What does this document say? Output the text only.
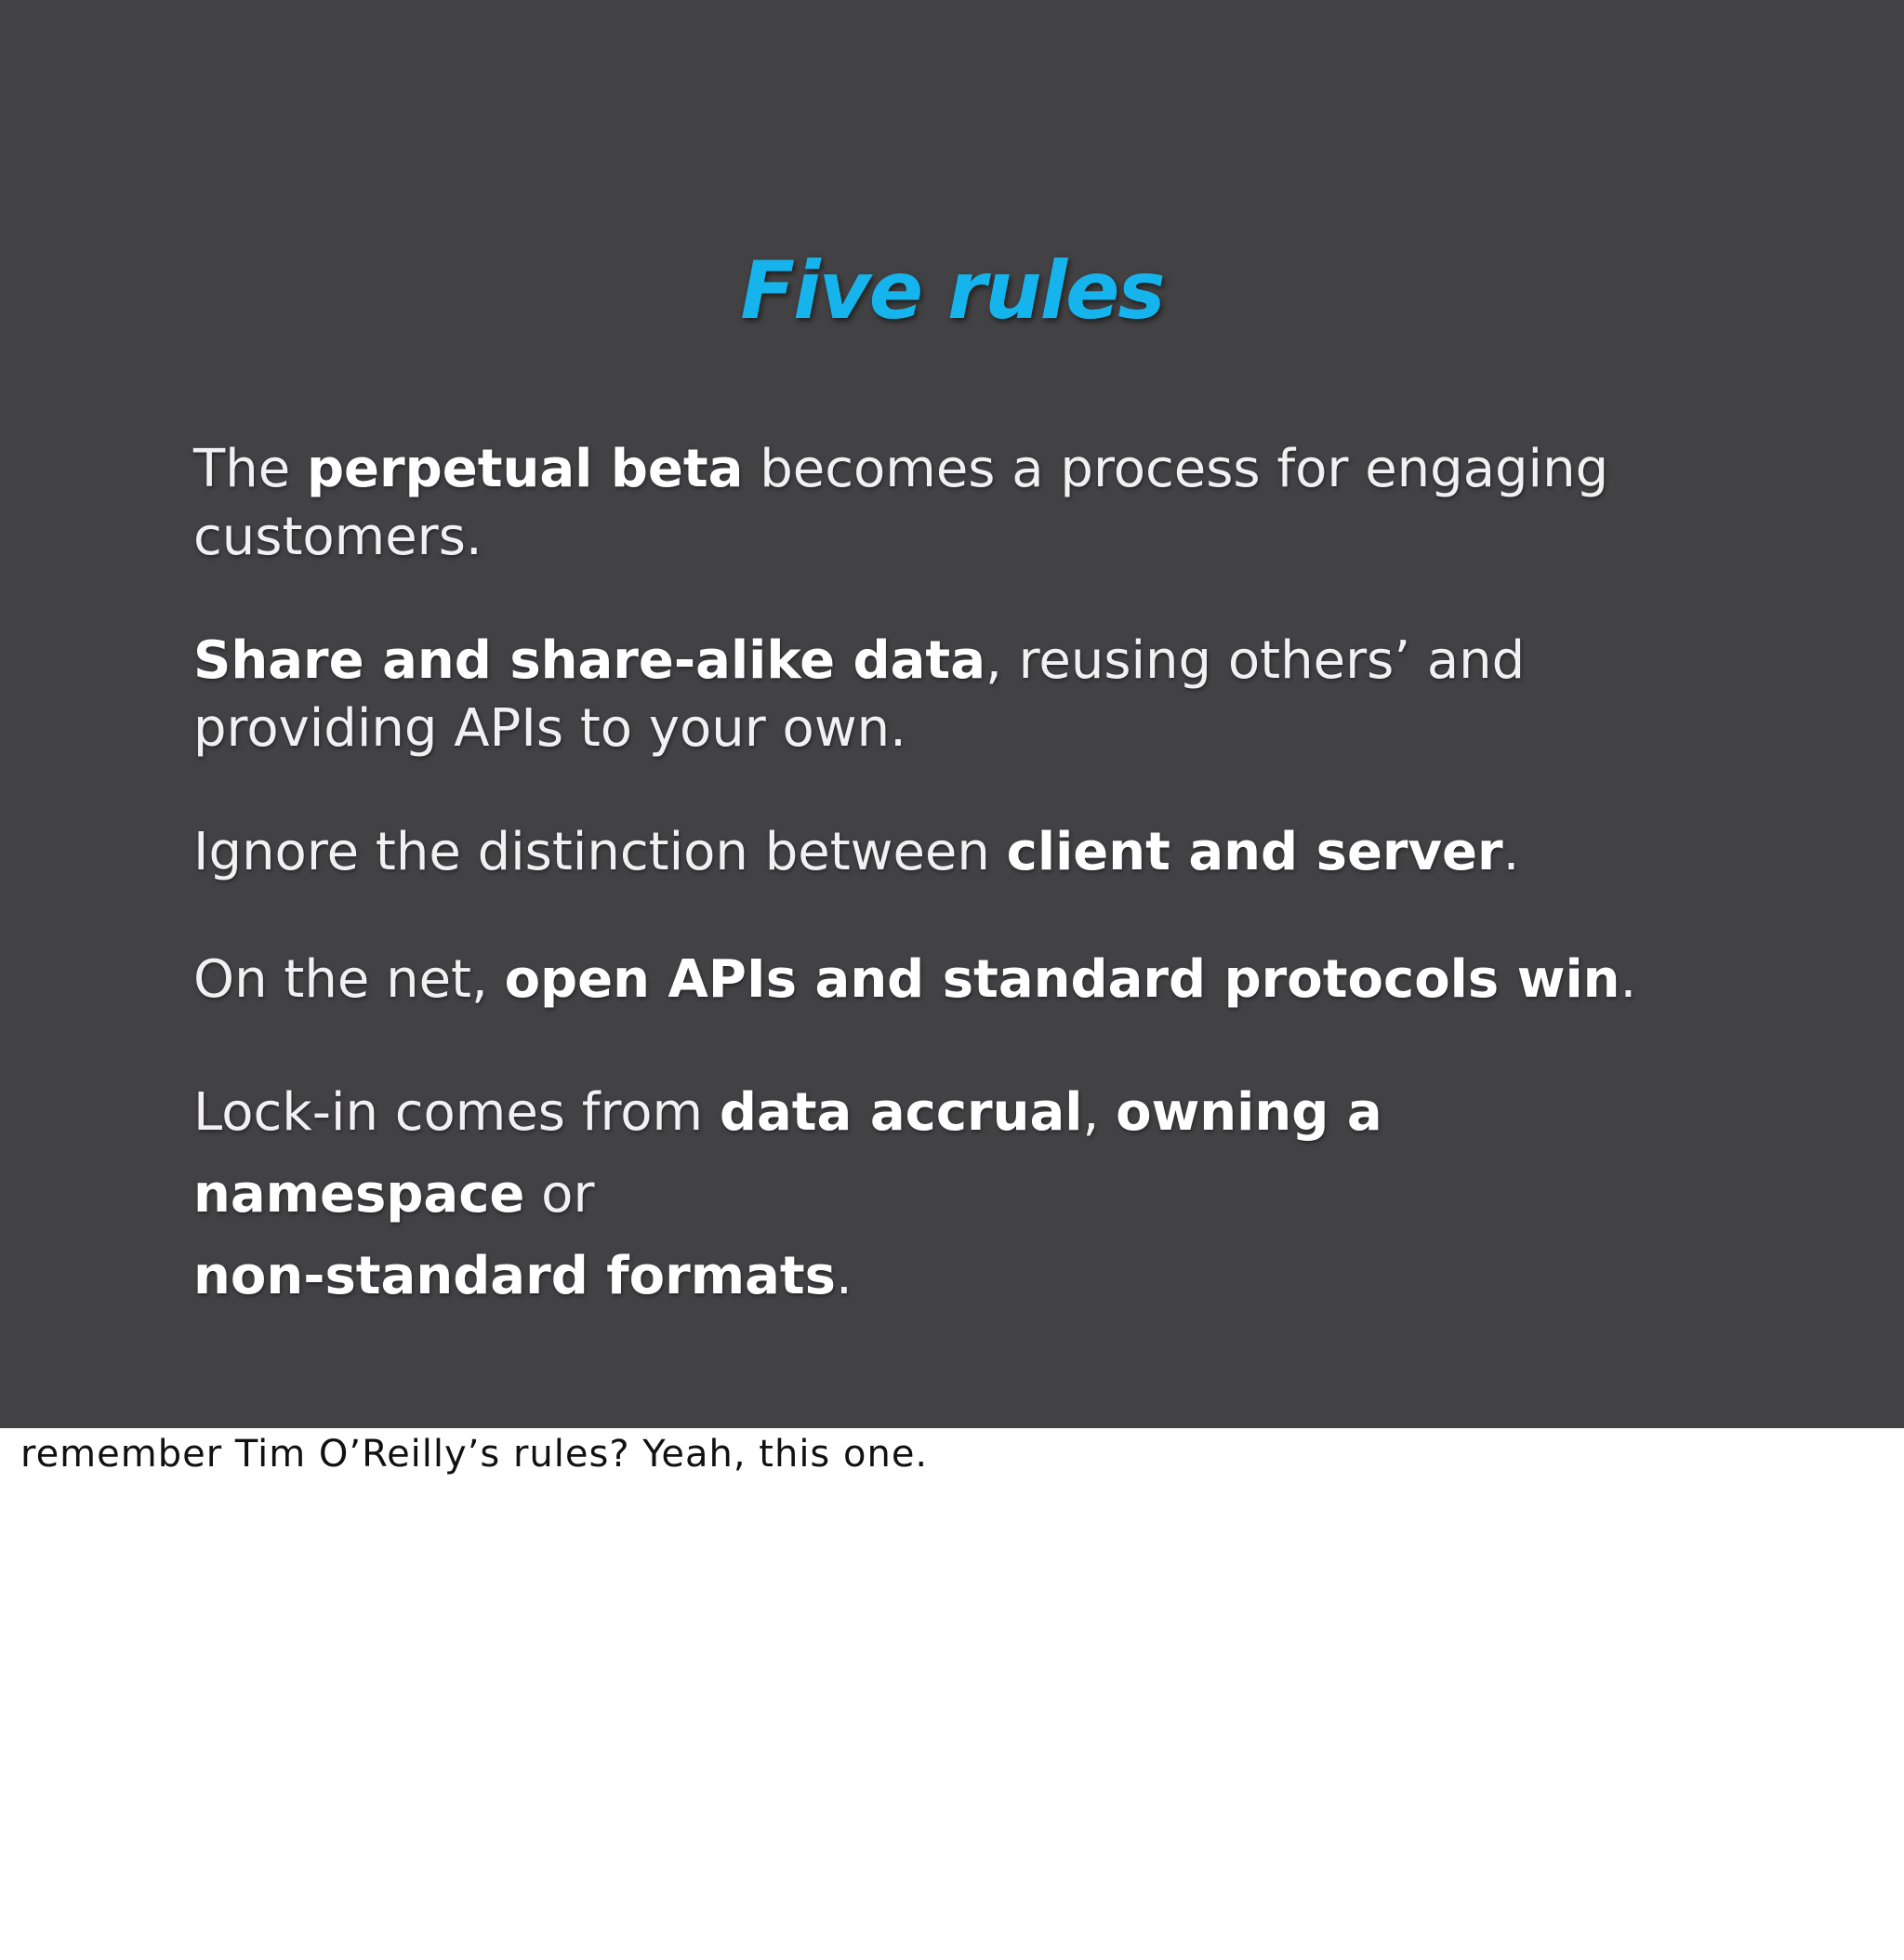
Five rules
The perpetual beta becomes a process for engaging customers.
Share and share-alike data, reusing others’ and providing APIs to your own.
Ignore the distinction between client and server.
On the net, open APIs and standard protocols win.
Lock-in comes from data accrual, owning a namespace or
non-standard formats.

remember Tim O’Reilly’s rules? Yeah, this one.
